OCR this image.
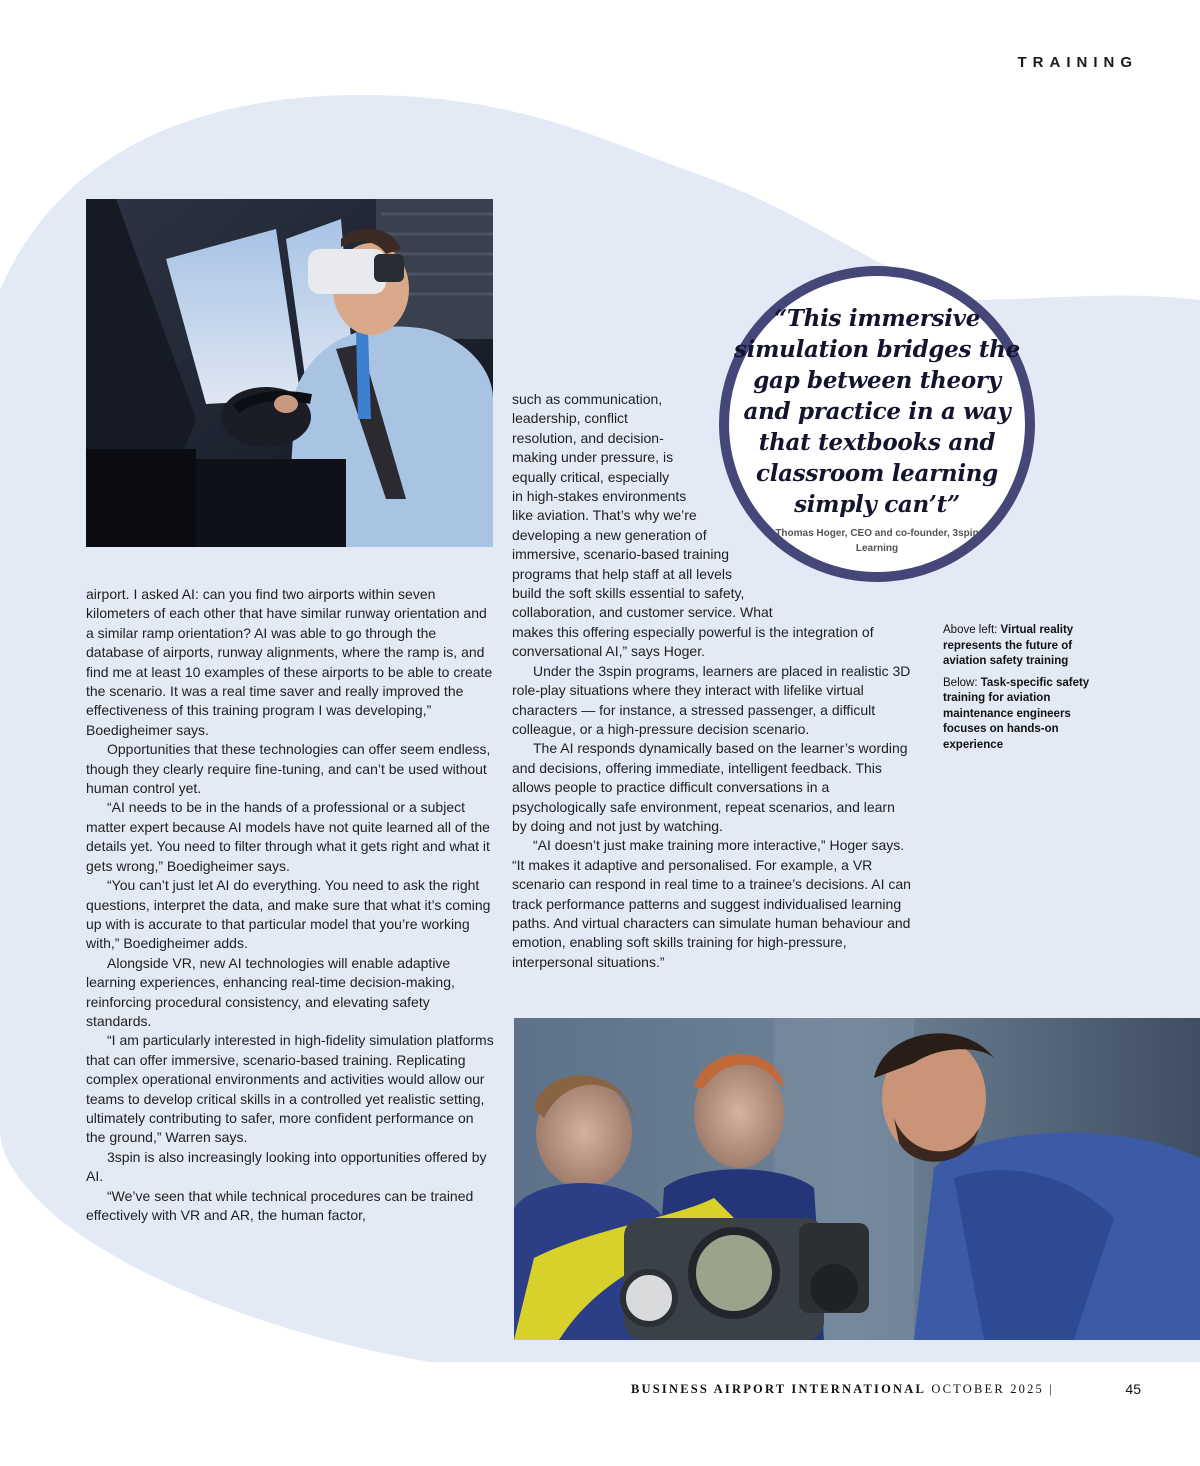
TRAINING

airport. I asked AI: can you find two airports within seven kilometers of each other that have similar runway orientation and a similar ramp orientation? AI was able to go through the database of airports, runway alignments, where the ramp is, and find me at least 10 examples of these airports to be able to create the scenario. It was a real time saver and really improved the effectiveness of this training program I was developing,” Boedigheimer says.

Opportunities that these technologies can offer seem endless, though they clearly require fine-tuning, and can’t be used without human control yet.

“AI needs to be in the hands of a professional or a subject matter expert because AI models have not quite learned all of the details yet. You need to filter through what it gets right and what it gets wrong,” Boedigheimer says.

“You can’t just let AI do everything. You need to ask the right questions, interpret the data, and make sure that what it’s coming up with is accurate to that particular model that you’re working with,” Boedigheimer adds.

Alongside VR, new AI technologies will enable adaptive learning experiences, enhancing real-time decision-making, reinforcing procedural consistency, and elevating safety standards.

“I am particularly interested in high-fidelity simulation platforms that can offer immersive, scenario-based training. Replicating complex operational environments and activities would allow our teams to develop critical skills in a controlled yet realistic setting, ultimately contributing to safer, more confident performance on the ground,” Warren says.

3spin is also increasingly looking into opportunities offered by AI.

“We’ve seen that while technical procedures can be trained effectively with VR and AR, the human factor,

such as communication,
leadership, conflict
resolution, and decision-
making under pressure, is
equally critical, especially
in high-stakes environments
like aviation. That’s why we’re
developing a new generation of
immersive, scenario-based training
programs that help staff at all levels
build the soft skills essential to safety,
collaboration, and customer service. What

makes this offering especially powerful is the integration of conversational AI,” says Hoger.

Under the 3spin programs, learners are placed in realistic 3D role-play situations where they interact with lifelike virtual characters — for instance, a stressed passenger, a difficult colleague, or a high-pressure decision scenario.

The AI responds dynamically based on the learner’s wording and decisions, offering immediate, intelligent feedback. This allows people to practice difficult conversations in a psychologically safe environment, repeat scenarios, and learn by doing and not just by watching.

“AI doesn’t just make training more interactive,” Hoger says. “It makes it adaptive and personalised. For example, a VR scenario can respond in real time to a trainee’s decisions. AI can track performance patterns and suggest individualised learning paths. And virtual characters can simulate human behaviour and emotion, enabling soft skills training for high-pressure, interpersonal situations.”

“This immersive simulation bridges the gap between theory and practice in a way that textbooks and classroom learning simply can’t”
Thomas Hoger, CEO and co-founder, 3spin Learning

Above left: Virtual reality represents the future of aviation safety training

Below: Task-specific safety training for aviation maintenance engineers focuses on hands-on experience

BUSINESS AIRPORT INTERNATIONAL OCTOBER 2025 |	45
